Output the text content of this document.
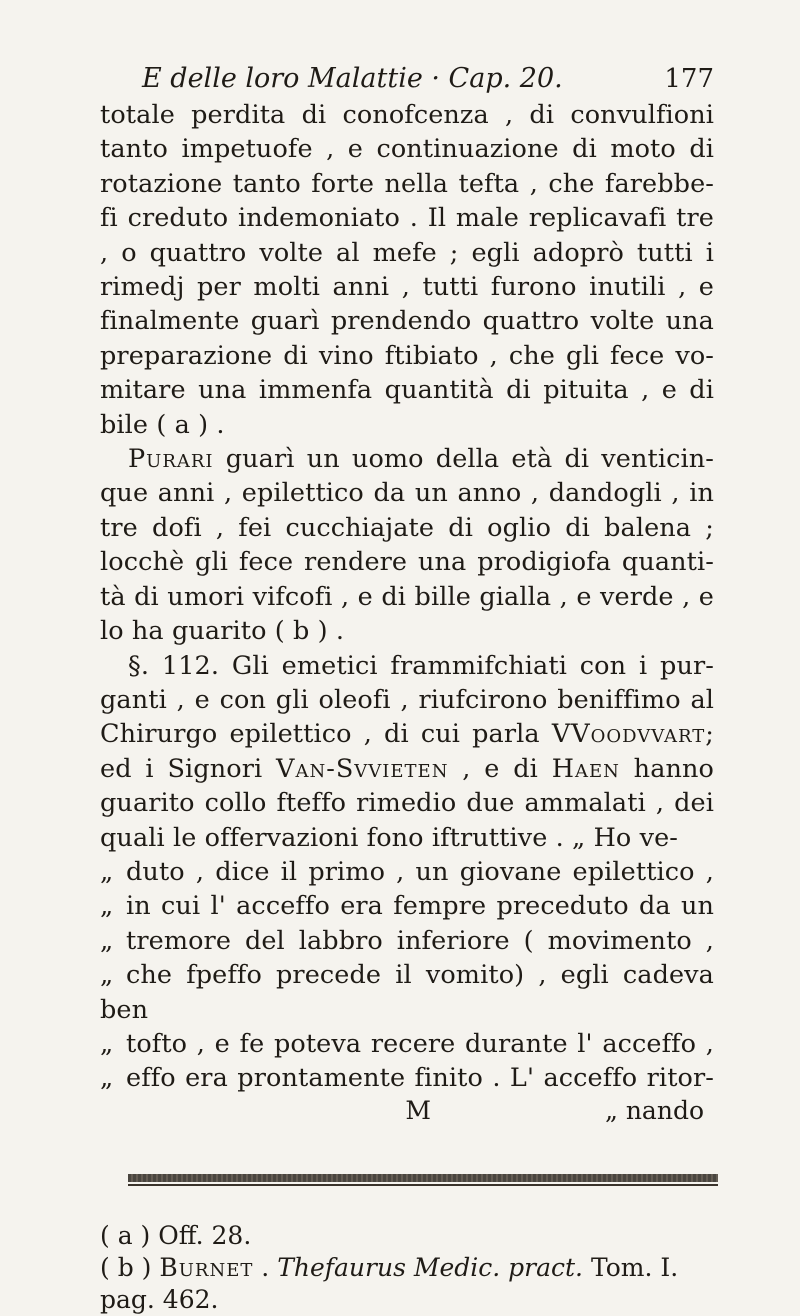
E delle loro Malattie · Cap. 20.	177

totale perdita di conofcenza , di convulfioni tanto impetuofe , e continuazione di moto di rotazione tanto forte nella tefta , che farebbe- fi creduto indemoniato . Il male replicavafi tre , o quattro volte al mefe ; egli adoprò tutti i rimedj per molti anni , tutti furono inutili , e finalmente guarì prendendo quattro volte una preparazione di vino ftibiato , che gli fece vo- mitare una immenfa quantità di pituita , e di bile ( a ) .

Purari guarì un uomo della età di venticin- que anni , epilettico da un anno , dandogli , in tre dofi , fei cucchiajate di oglio di balena ; locchè gli fece rendere una prodigiofa quanti- tà di umori vifcofi , e di bille gialla , e verde , e lo ha guarito ( b ) .

§. 112. Gli emetici frammifchiati con i pur- ganti , e con gli oleofi , riufcirono beniffimo al Chirurgo epilettico , di cui parla VVoodvvart; ed i Signori Van-Svvieten , e di Haen hanno guarito collo fteffo rimedio due ammalati , dei quali le offervazioni fono iftruttive . „ Ho ve-

„ duto , dice il primo , un giovane epilettico ,
„ in cui l' acceffo era fempre preceduto da un
„ tremore del labbro inferiore ( movimento ,
„ che fpeffo precede il vomito) , egli cadeva ben
„ tofto , e fe poteva recere durante l' acceffo ,
„ effo era prontamente finito . L' acceffo ritor-

M	„ nando
( a ) Off. 28.
( b ) Burnet . Thefaurus Medic. pract. Tom. I.
pag. 462.
